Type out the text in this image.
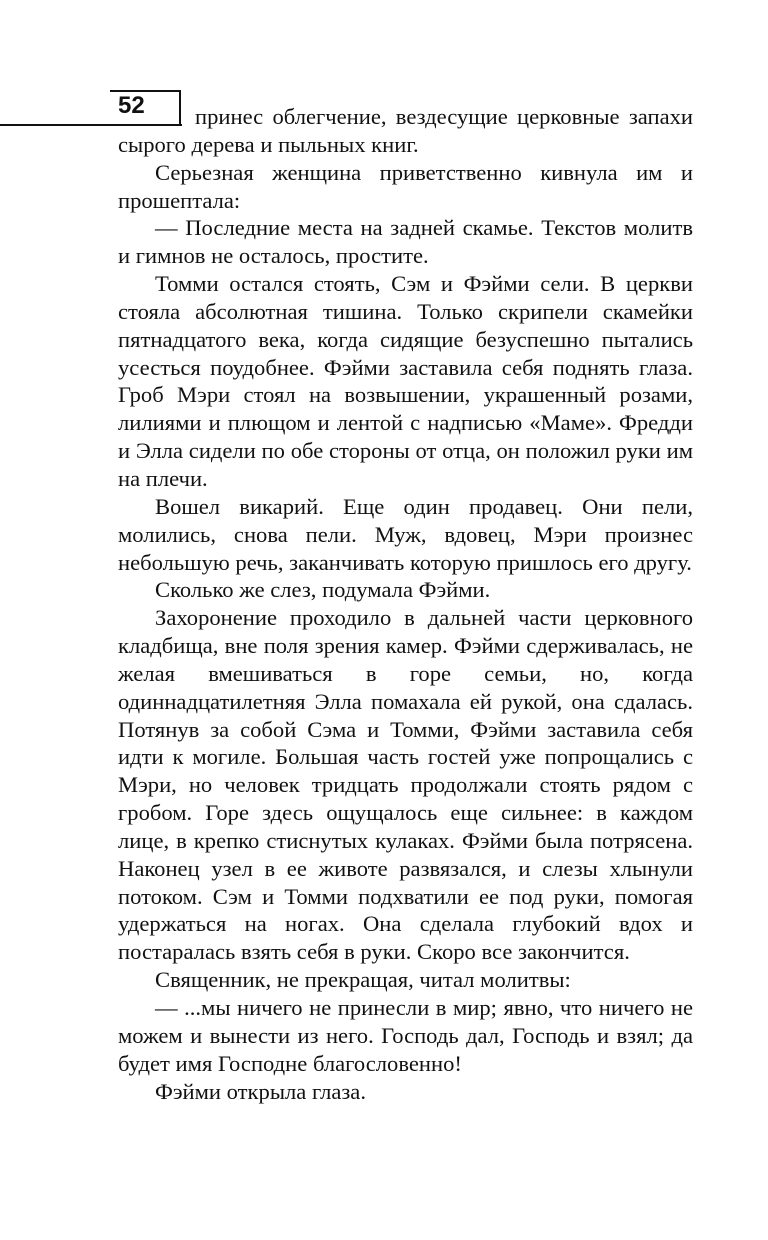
52	принес облегчение, вездесущие церковные запахи сырого дерева и пыльных книг.

Серьезная женщина приветственно кивнула им и прошептала:

— Последние места на задней скамье. Текстов молитв и гимнов не осталось, простите.

Томми остался стоять, Сэм и Фэйми сели. В церкви стояла абсолютная тишина. Только скрипели скамейки пятнадцатого века, когда сидящие безуспешно пытались усесться поудобнее. Фэйми заставила себя поднять глаза. Гроб Мэри стоял на возвышении, украшенный розами, лилиями и плющом и лентой с надписью «Маме». Фредди и Элла сидели по обе стороны от отца, он положил руки им на плечи.

Вошел викарий. Еще один продавец. Они пели, молились, снова пели. Муж, вдовец, Мэри произнес небольшую речь, заканчивать которую пришлось его другу.

Сколько же слез, подумала Фэйми.

Захоронение проходило в дальней части церковного кладбища, вне поля зрения камер. Фэйми сдерживалась, не желая вмешиваться в горе семьи, но, когда одиннадцатилетняя Элла помахала ей рукой, она сдалась. Потянув за собой Сэма и Томми, Фэйми заставила себя идти к могиле. Большая часть гостей уже попрощались с Мэри, но человек тридцать продолжали стоять рядом с гробом. Горе здесь ощущалось еще сильнее: в каждом лице, в крепко стиснутых кулаках. Фэйми была потрясена. Наконец узел в ее животе развязался, и слезы хлынули потоком. Сэм и Томми подхватили ее под руки, помогая удержаться на ногах. Она сделала глубокий вдох и постаралась взять себя в руки. Скоро все закончится.

Священник, не прекращая, читал молитвы:

— ...мы ничего не принесли в мир; явно, что ничего не можем и вынести из него. Господь дал, Господь и взял; да будет имя Господне благословенно!

Фэйми открыла глаза.
